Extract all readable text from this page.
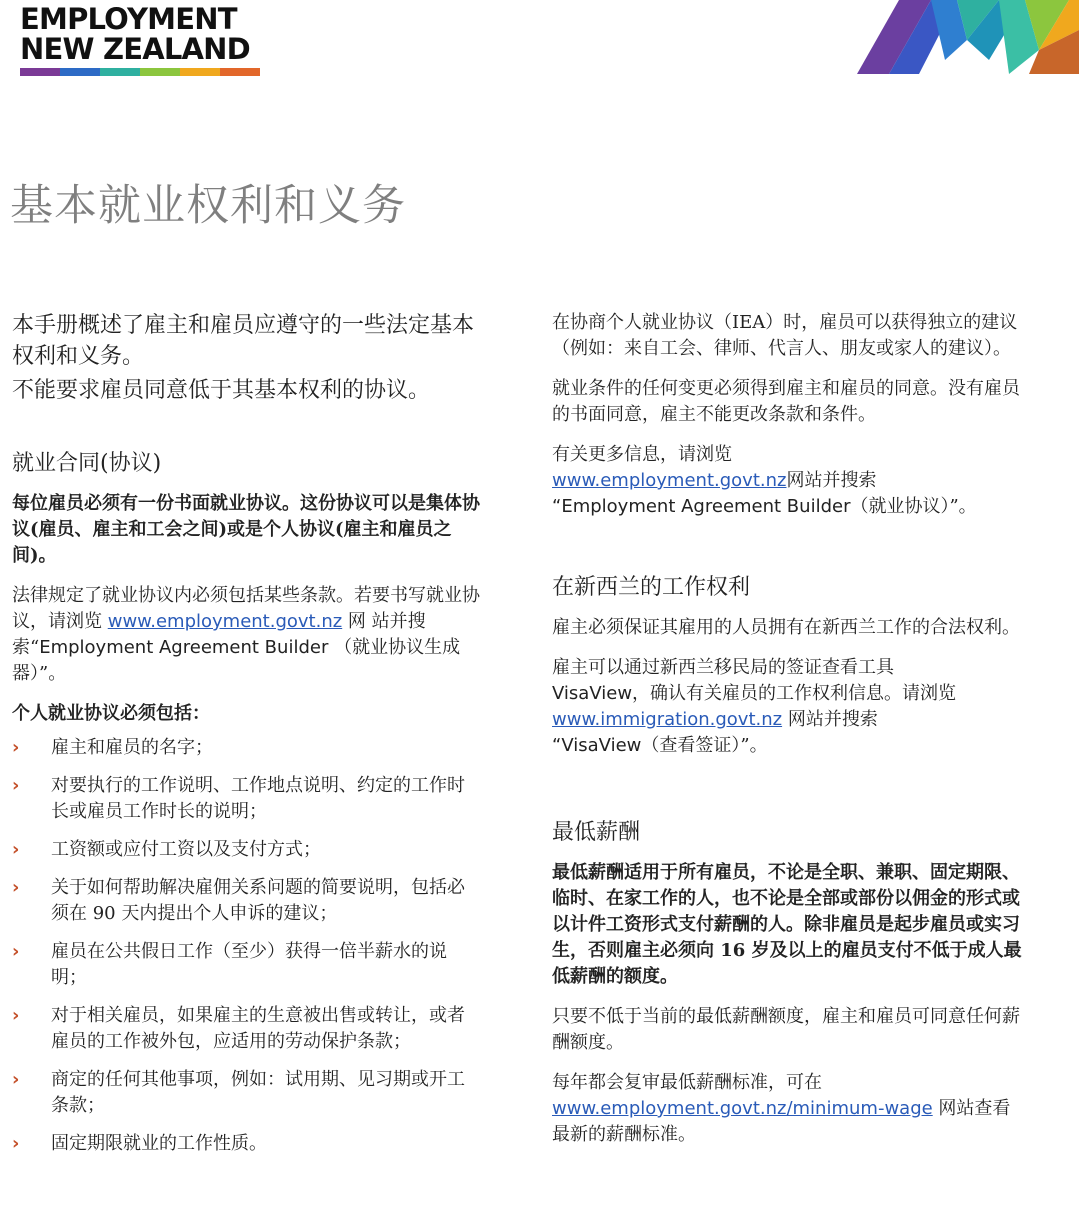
EMPLOYMENT
NEW ZEALAND
基本就业权利和义务

本手册概述了雇主和雇员应遵守的一些法定基本权利和义务。

不能要求雇员同意低于其基本权利的协议。

就业合同(协议)

每位雇员必须有一份书面就业协议。这份协议可以是集体协议(雇员、雇主和工会之间)或是个人协议(雇主和雇员之间)。

法律规定了就业协议内必须包括某些条款。若要书写就业协议，请浏览 www.employment.govt.nz 网 站并搜索“Employment Agreement Builder （就业协议生成器）”。

个人就业协议必须包括：

› 雇主和雇员的名字；
› 对要执行的工作说明、工作地点说明、约定的工作时长或雇员工作时长的说明；
› 工资额或应付工资以及支付方式；
› 关于如何帮助解决雇佣关系问题的简要说明，包括必须在 90 天内提出个人申诉的建议；
› 雇员在公共假日工作（至少）获得一倍半薪水的说明；
› 对于相关雇员，如果雇主的生意被出售或转让，或者雇员的工作被外包，应适用的劳动保护条款；
› 商定的任何其他事项，例如：试用期、见习期或开工条款；
› 固定期限就业的工作性质。

在协商个人就业协议（IEA）时，雇员可以获得独立的建议（例如：来自工会、律师、代言人、朋友或家人的建议）。

就业条件的任何变更必须得到雇主和雇员的同意。没有雇员的书面同意，雇主不能更改条款和条件。

有关更多信息，请浏览
www.employment.govt.nz网站并搜索
“Employment Agreement Builder（就业协议）”。

在新西兰的工作权利

雇主必须保证其雇用的人员拥有在新西兰工作的合法权利。

雇主可以通过新西兰移民局的签证查看工具
VisaView，确认有关雇员的工作权利信息。请浏览
www.immigration.govt.nz 网站并搜索
“VisaView（查看签证）”。

最低薪酬

最低薪酬适用于所有雇员，不论是全职、兼职、固定期限、临时、在家工作的人，也不论是全部或部份以佣金的形式或以计件工资形式支付薪酬的人。除非雇员是起步雇员或实习生，否则雇主必须向 16 岁及以上的雇员支付不低于成人最低薪酬的额度。

只要不低于当前的最低薪酬额度，雇主和雇员可同意任何薪酬额度。

每年都会复审最低薪酬标准，可在
www.employment.govt.nz/minimum-wage 网站查看最新的薪酬标准。
